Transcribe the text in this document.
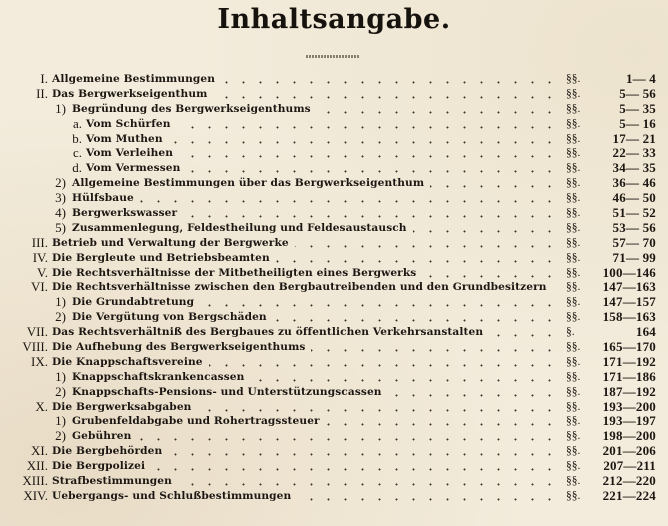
Inhaltsangabe.
I. Allgemeine Bestimmungen	§§.	1— 4
II. Das Bergwerkseigenthum	§§.	5— 56
1) Begründung des Bergwerkseigenthums	§§.	5— 35
a. Vom Schürfen	§§.	5— 16
b. Vom Muthen	§§.	17— 21
c. Vom Verleihen	§§.	22— 33
d. Vom Vermessen	§§.	34— 35
2) Allgemeine Bestimmungen über das Bergwerkseigenthum	§§.	36— 46
3) Hülfsbaue	§§.	46— 50
4) Bergwerkswasser	§§.	51— 52
5) Zusammenlegung, Feldestheilung und Feldesaustausch	§§.	53— 56
III. Betrieb und Verwaltung der Bergwerke	§§.	57— 70
IV. Die Bergleute und Betriebsbeamten	§§.	71— 99
V. Die Rechtsverhältnisse der Mitbetheiligten eines Bergwerks	§§.	100—146
VI. Die Rechtsverhältnisse zwischen den Bergbautreibenden und den Grundbesitzern §§.	147—163
1) Die Grundabtretung	§§.	147—157
2) Die Vergütung von Bergschäden	§§.	158—163
VII. Das Rechtsverhältniß des Bergbaues zu öffentlichen Verkehrsanstalten	§.	164
VIII. Die Aufhebung des Bergwerkseigenthums	§§.	165—170
IX. Die Knappschaftsvereine	§§.	171—192
1) Knappschaftskrankencassen	§§.	171—186
2) Knappschafts-Pensions- und Unterstützungscassen	§§.	187—192
X. Die Bergwerksabgaben	§§.	193—200
1) Grubenfeldabgabe und Rohertragssteuer	§§.	193—197
2) Gebühren	§§.	198—200
XI. Die Bergbehörden	§§.	201—206
XII. Die Bergpolizei	§§.	207—211
XIII. Strafbestimmungen	§§.	212—220
XIV. Uebergangs- und Schlußbestimmungen	§§.	221—224
